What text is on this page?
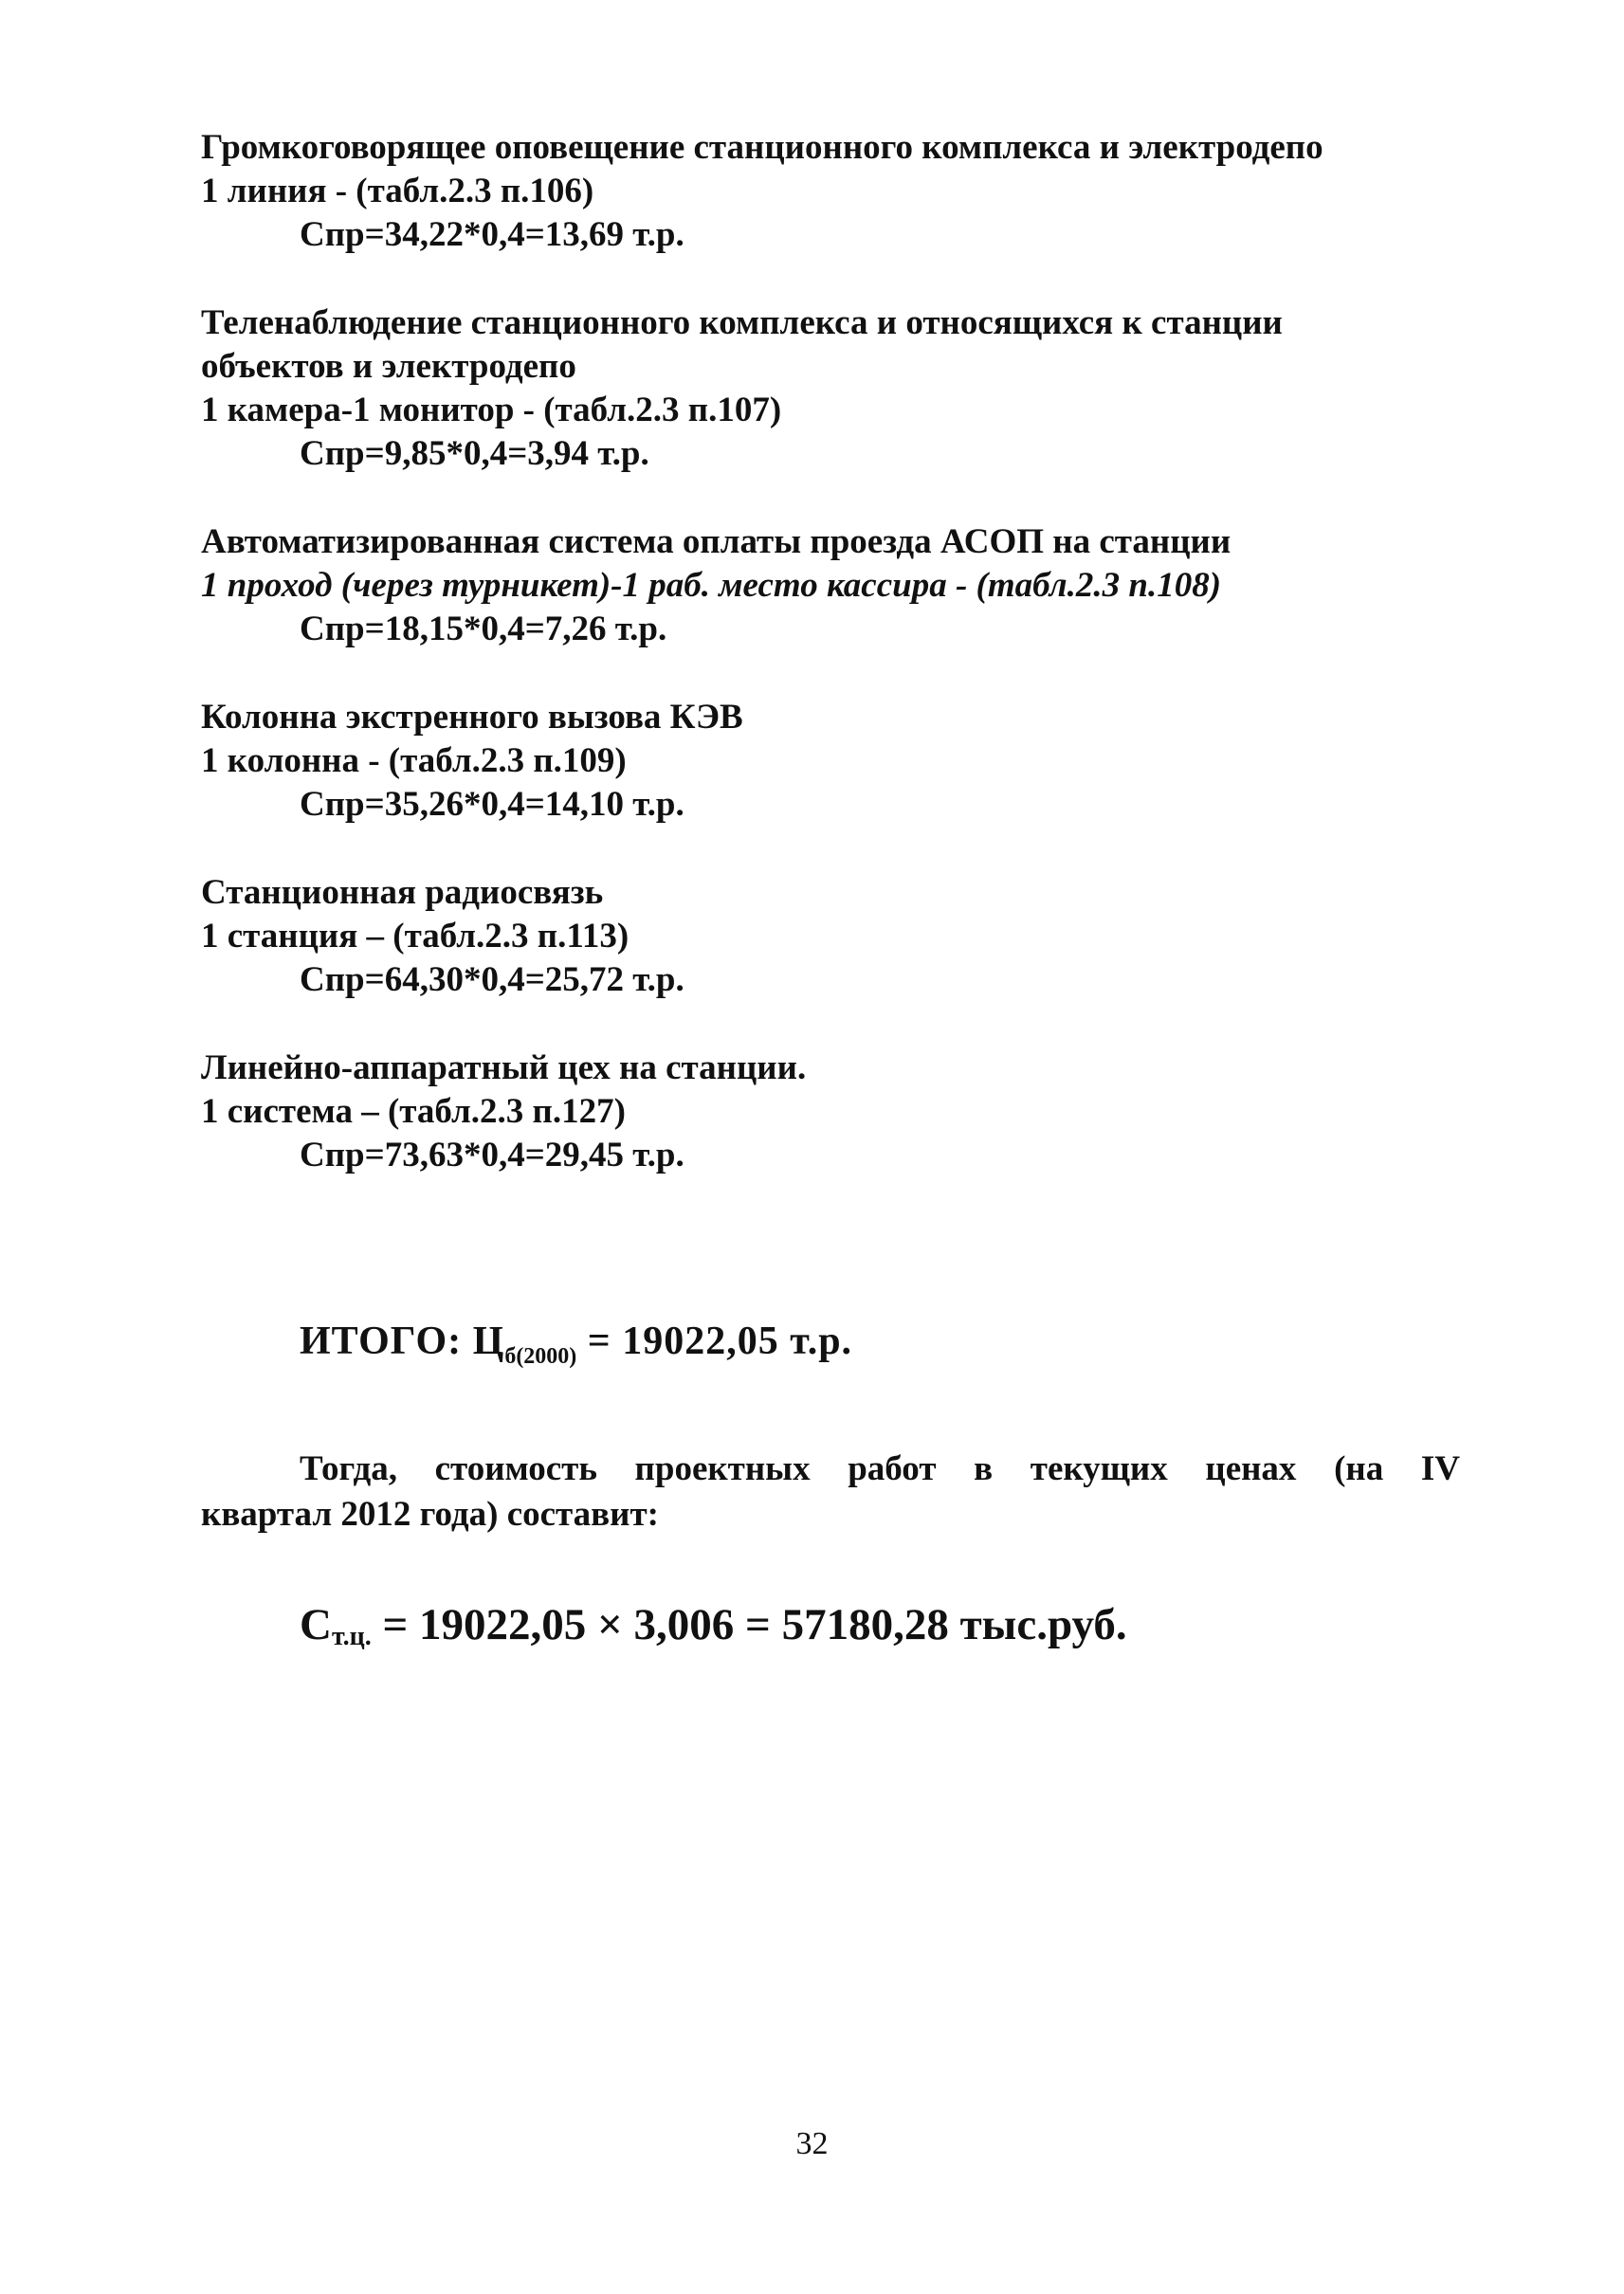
Громкоговорящее оповещение станционного комплекса и электродепо
1 линия - (табл.2.3 п.106)
Спр=34,22*0,4=13,69 т.р.
Теленаблюдение станционного комплекса и относящихся к станции
объектов и электродепо
1 камера-1 монитор - (табл.2.3 п.107)
Спр=9,85*0,4=3,94 т.р.
Автоматизированная система оплаты проезда АСОП на станции
1 проход (через турникет)-1 раб. место кассира - (табл.2.3 п.108)
Спр=18,15*0,4=7,26 т.р.
Колонна экстренного вызова КЭВ
1 колонна - (табл.2.3 п.109)
Спр=35,26*0,4=14,10 т.р.
Станционная радиосвязь
1 станция – (табл.2.3 п.113)
Спр=64,30*0,4=25,72 т.р.
Линейно-аппаратный цех на станции.
1 система – (табл.2.3 п.127)
Спр=73,63*0,4=29,45 т.р.
ИТОГО: $Ц_{б(2000)} = 19022,05$ т.р.
Тогда, стоимость проектных работ в текущих ценах (на IV
квартал 2012 года) составит:
$С_{т.ц.} = 19022,05 \times 3,006 = 57180,28$ тыс.руб.
32
